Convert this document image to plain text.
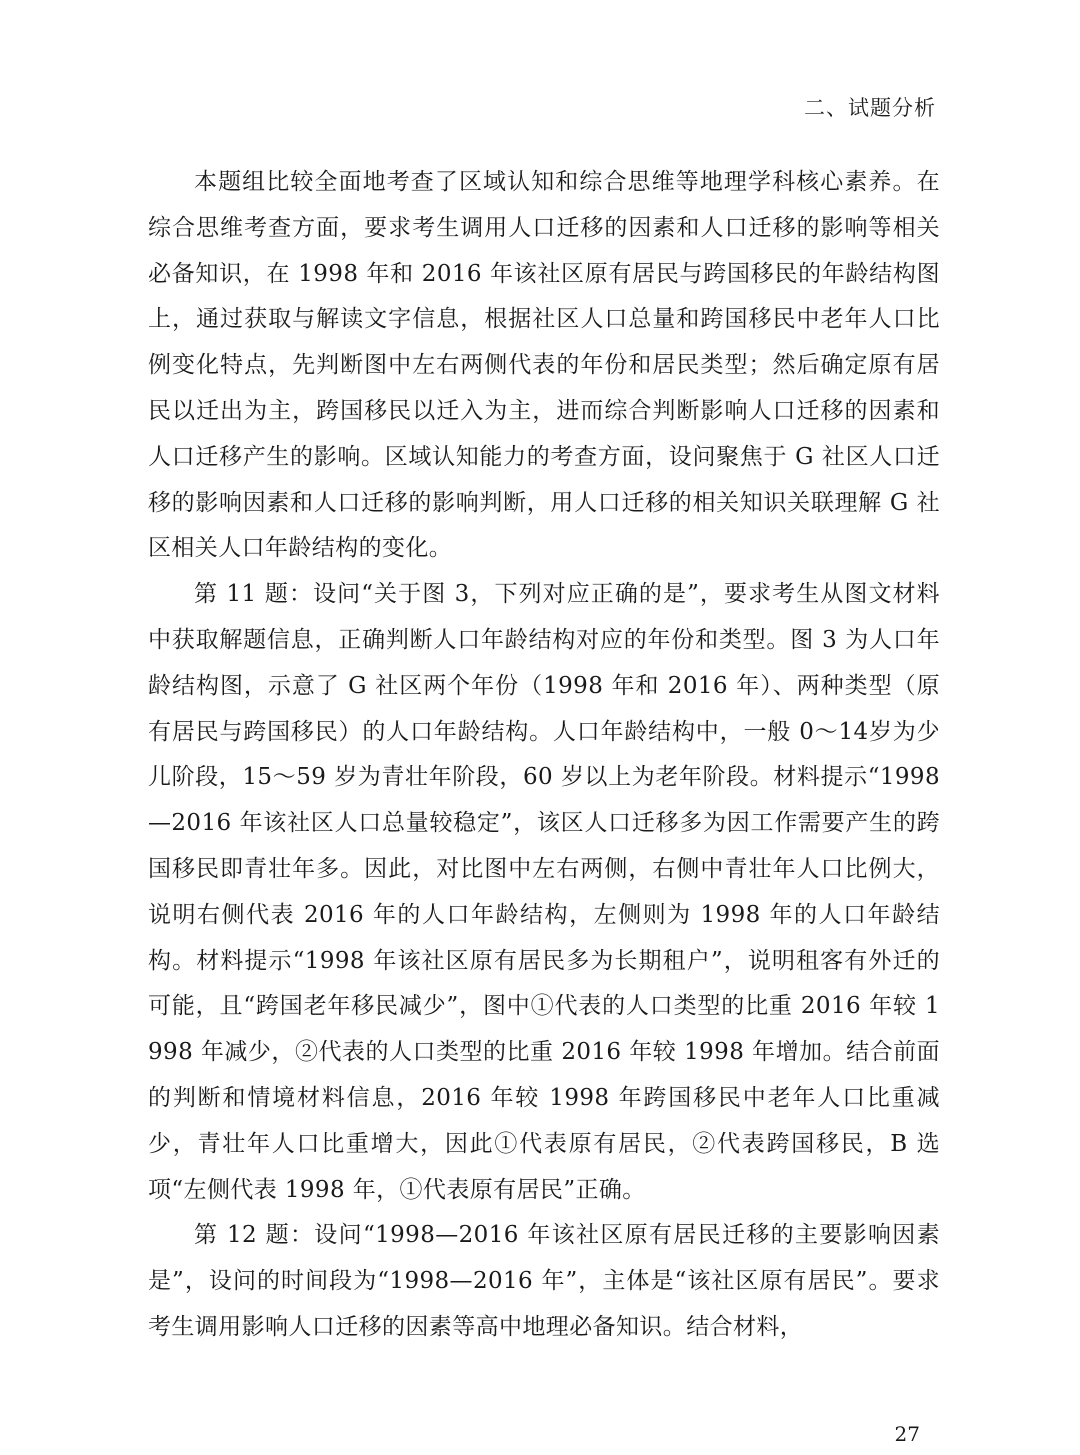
二、试题分析

本题组比较全面地考查了区域认知和综合思维等地理学科核心素养。在综合思维考查方面，要求考生调用人口迁移的因素和人口迁移的影响等相关必备知识，在 1998 年和 2016 年该社区原有居民与跨国移民的年龄结构图上，通过获取与解读文字信息，根据社区人口总量和跨国移民中老年人口比例变化特点，先判断图中左右两侧代表的年份和居民类型；然后确定原有居民以迁出为主，跨国移民以迁入为主，进而综合判断影响人口迁移的因素和人口迁移产生的影响。区域认知能力的考查方面，设问聚焦于 G 社区人口迁移的影响因素和人口迁移的影响判断，用人口迁移的相关知识关联理解 G 社区相关人口年龄结构的变化。

第 11 题：设问“关于图 3，下列对应正确的是”，要求考生从图文材料中获取解题信息，正确判断人口年龄结构对应的年份和类型。图 3 为人口年龄结构图，示意了 G 社区两个年份（1998 年和 2016 年）、两种类型（原有居民与跨国移民）的人口年龄结构。人口年龄结构中，一般 0～14岁为少儿阶段，15～59 岁为青壮年阶段，60 岁以上为老年阶段。材料提示“1998—2016 年该社区人口总量较稳定”，该区人口迁移多为因工作需要产生的跨国移民即青壮年多。因此，对比图中左右两侧，右侧中青壮年人口比例大，说明右侧代表 2016 年的人口年龄结构，左侧则为 1998 年的人口年龄结构。材料提示“1998 年该社区原有居民多为长期租户”，说明租客有外迁的可能，且“跨国老年移民减少”，图中①代表的人口类型的比重 2016 年较 1998 年减少，②代表的人口类型的比重 2016 年较 1998 年增加。结合前面的判断和情境材料信息，2016 年较 1998 年跨国移民中老年人口比重减少，青壮年人口比重增大，因此①代表原有居民，②代表跨国移民，B 选项“左侧代表 1998 年，①代表原有居民”正确。

第 12 题：设问“1998—2016 年该社区原有居民迁移的主要影响因素是”，设问的时间段为“1998—2016 年”，主体是“该社区原有居民”。要求考生调用影响人口迁移的因素等高中地理必备知识。结合材料，

27
